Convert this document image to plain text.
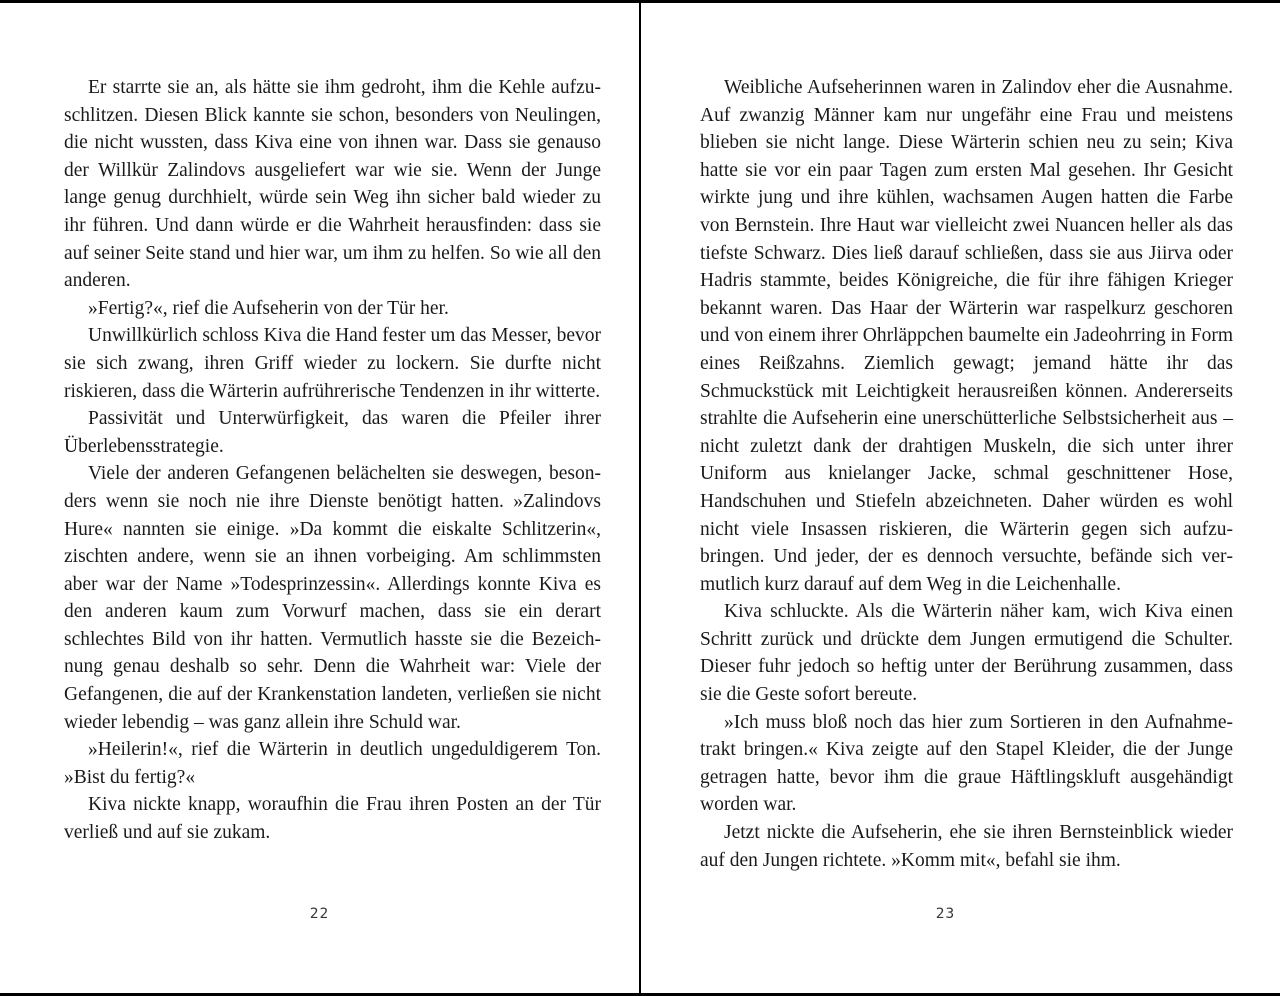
Er starrte sie an, als hätte sie ihm gedroht, ihm die Kehle aufzuschlitzen. Diesen Blick kannte sie schon, besonders von Neulingen, die nicht wussten, dass Kiva eine von ihnen war. Dass sie genauso der Willkür Zalindovs ausgeliefert war wie sie. Wenn der Junge lange genug durchhielt, würde sein Weg ihn sicher bald wieder zu ihr führen. Und dann würde er die Wahrheit herausfinden: dass sie auf seiner Seite stand und hier war, um ihm zu helfen. So wie all den anderen.

»Fertig?«, rief die Aufseherin von der Tür her.

Unwillkürlich schloss Kiva die Hand fester um das Messer, bevor sie sich zwang, ihren Griff wieder zu lockern. Sie durfte nicht riskieren, dass die Wärterin aufrührerische Tendenzen in ihr witterte.

Passivität und Unterwürfigkeit, das waren die Pfeiler ihrer Überlebensstrategie.

Viele der anderen Gefangenen belächelten sie deswegen, besonders wenn sie noch nie ihre Dienste benötigt hatten. »Zalindovs Hure« nannten sie einige. »Da kommt die eiskalte Schlitzerin«, zischten andere, wenn sie an ihnen vorbeiging. Am schlimmsten aber war der Name »Todesprinzessin«. Allerdings konnte Kiva es den anderen kaum zum Vorwurf machen, dass sie ein derart schlechtes Bild von ihr hatten. Vermutlich hasste sie die Bezeichnung genau deshalb so sehr. Denn die Wahrheit war: Viele der Gefangenen, die auf der Krankenstation landeten, verließen sie nicht wieder lebendig – was ganz allein ihre Schuld war.

»Heilerin!«, rief die Wärterin in deutlich ungeduldigerem Ton. »Bist du fertig?«

Kiva nickte knapp, woraufhin die Frau ihren Posten an der Tür verließ und auf sie zukam.

22

Weibliche Aufseherinnen waren in Zalindov eher die Ausnahme. Auf zwanzig Männer kam nur ungefähr eine Frau und meistens blieben sie nicht lange. Diese Wärterin schien neu zu sein; Kiva hatte sie vor ein paar Tagen zum ersten Mal gesehen. Ihr Gesicht wirkte jung und ihre kühlen, wachsamen Augen hatten die Farbe von Bernstein. Ihre Haut war vielleicht zwei Nuancen heller als das tiefste Schwarz. Dies ließ darauf schließen, dass sie aus Jiirva oder Hadris stammte, beides Königreiche, die für ihre fähigen Krieger bekannt waren. Das Haar der Wärterin war raspelkurz geschoren und von einem ihrer Ohrläppchen baumelte ein Jadeohrring in Form eines Reißzahns. Ziemlich gewagt; jemand hätte ihr das Schmuckstück mit Leichtigkeit herausreißen können. Andererseits strahlte die Aufseherin eine unerschütterliche Selbstsicherheit aus – nicht zuletzt dank der drahtigen Muskeln, die sich unter ihrer Uniform aus knielanger Jacke, schmal geschnittener Hose, Handschuhen und Stiefeln abzeichneten. Daher würden es wohl nicht viele Insassen riskieren, die Wärterin gegen sich aufzubringen. Und jeder, der es dennoch versuchte, befände sich vermutlich kurz darauf auf dem Weg in die Leichenhalle.

Kiva schluckte. Als die Wärterin näher kam, wich Kiva einen Schritt zurück und drückte dem Jungen ermutigend die Schulter. Dieser fuhr jedoch so heftig unter der Berührung zusammen, dass sie die Geste sofort bereute.

»Ich muss bloß noch das hier zum Sortieren in den Aufnahmetrakt bringen.« Kiva zeigte auf den Stapel Kleider, die der Junge getragen hatte, bevor ihm die graue Häftlingskluft ausgehändigt worden war.

Jetzt nickte die Aufseherin, ehe sie ihren Bernsteinblick wieder auf den Jungen richtete. »Komm mit«, befahl sie ihm.

23
